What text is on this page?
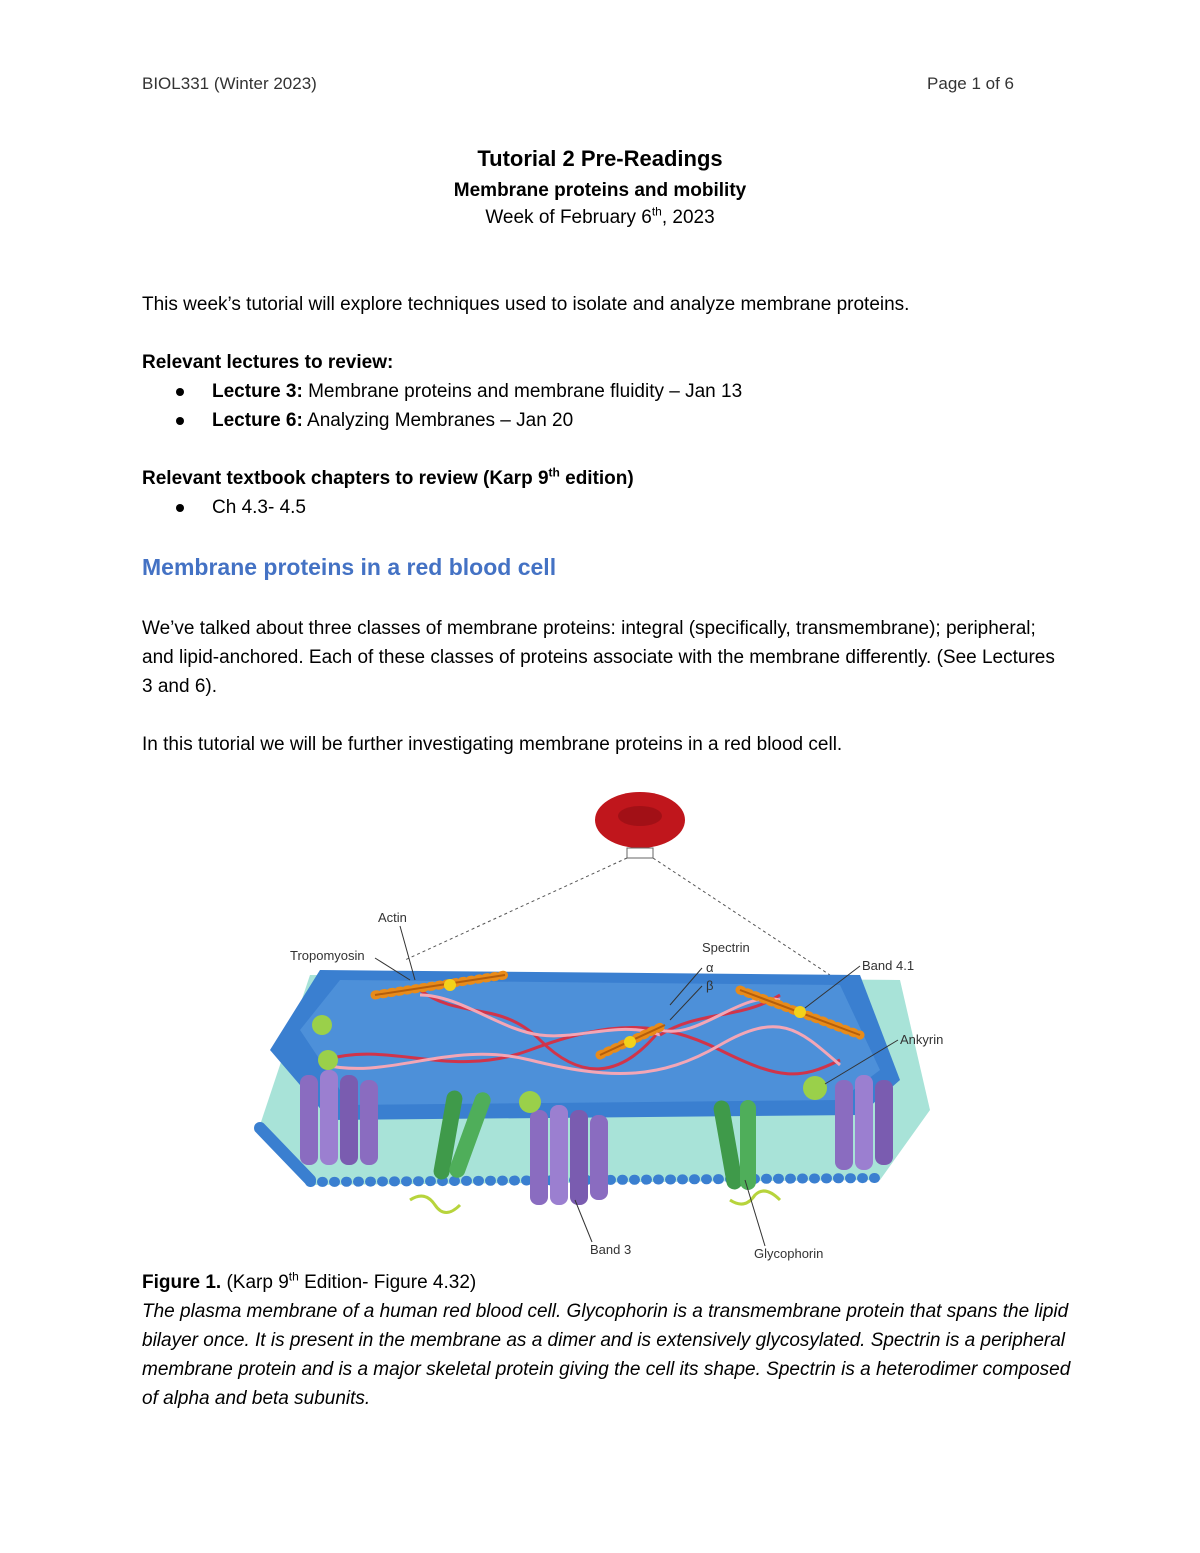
BIOL331 (Winter 2023)	Page 1 of 6
Tutorial 2 Pre-Readings
Membrane proteins and mobility
Week of February 6th, 2023
This week’s tutorial will explore techniques used to isolate and analyze membrane proteins.
Relevant lectures to review:
Lecture 3: Membrane proteins and membrane fluidity – Jan 13
Lecture 6: Analyzing Membranes – Jan 20
Relevant textbook chapters to review (Karp 9th edition)
Ch 4.3- 4.5
Membrane proteins in a red blood cell
We’ve talked about three classes of membrane proteins: integral (specifically, transmembrane); peripheral; and lipid-anchored. Each of these classes of proteins associate with the membrane differently. (See Lectures 3 and 6).
In this tutorial we will be further investigating membrane proteins in a red blood cell.
Actin
Tropomyosin
Spectrin
α
β
Band 4.1
Ankyrin
Band 3	Glycophorin
Figure 1. (Karp 9th Edition- Figure 4.32)
The plasma membrane of a human red blood cell. Glycophorin is a transmembrane protein that spans the lipid bilayer once. It is present in the membrane as a dimer and is extensively glycosylated. Spectrin is a peripheral membrane protein and is a major skeletal protein giving the cell its shape. Spectrin is a heterodimer composed of alpha and beta subunits.
